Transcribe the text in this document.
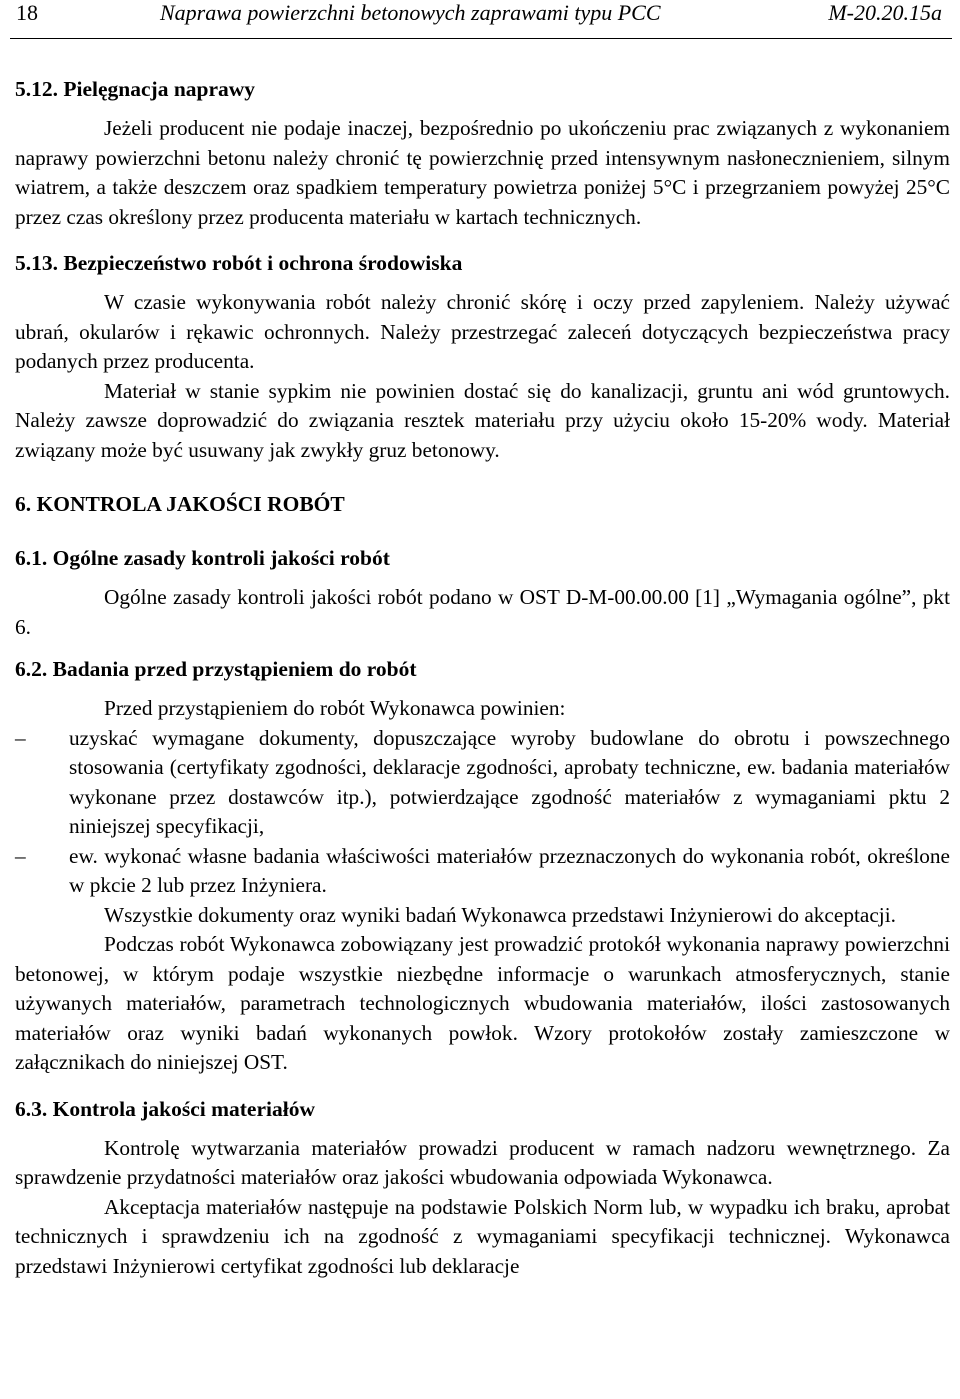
18	Naprawa powierzchni betonowych zaprawami typu PCC	M-20.20.15a
5.12. Pielęgnacja naprawy

Jeżeli producent nie podaje inaczej, bezpośrednio po ukończeniu prac związanych z wykonaniem naprawy powierzchni betonu należy chronić tę powierzchnię przed intensywnym nasłonecznieniem, silnym wiatrem, a także deszczem oraz spadkiem temperatury powietrza poniżej 5°C i przegrzaniem powyżej 25°C przez czas określony przez producenta materiału w kartach technicznych.

5.13. Bezpieczeństwo robót i ochrona środowiska

W czasie wykonywania robót należy chronić skórę i oczy przed zapyleniem. Należy używać ubrań, okularów i rękawic ochronnych. Należy przestrzegać zaleceń dotyczących bezpieczeństwa pracy podanych przez producenta.

Materiał w stanie sypkim nie powinien dostać się do kanalizacji, gruntu ani wód gruntowych. Należy zawsze doprowadzić do związania resztek materiału przy użyciu około 15-20% wody. Materiał związany może być usuwany jak zwykły gruz betonowy.

6. KONTROLA JAKOŚCI ROBÓT
6.1. Ogólne zasady kontroli jakości robót

Ogólne zasady kontroli jakości robót podano w OST D-M-00.00.00 [1] „Wymagania ogólne”, pkt 6.

6.2. Badania przed przystąpieniem do robót

Przed przystąpieniem do robót Wykonawca powinien:

–	uzyskać wymagane dokumenty, dopuszczające wyroby budowlane do obrotu i powszechnego stosowania (certyfikaty zgodności, deklaracje zgodności, aprobaty techniczne, ew. badania materiałów wykonane przez dostawców itp.), potwierdzające zgodność materiałów z wymaganiami pktu 2 niniejszej specyfikacji,
–	ew. wykonać własne badania właściwości materiałów przeznaczonych do wykonania robót, określone w pkcie 2 lub przez Inżyniera.

Wszystkie dokumenty oraz wyniki badań Wykonawca przedstawi Inżynierowi do akceptacji.

Podczas robót Wykonawca zobowiązany jest prowadzić protokół wykonania naprawy powierzchni betonowej, w którym podaje wszystkie niezbędne informacje o warunkach atmosferycznych, stanie używanych materiałów, parametrach technologicznych wbudowania materiałów, ilości zastosowanych materiałów oraz wyniki badań wykonanych powłok. Wzory protokołów zostały zamieszczone w załącznikach do niniejszej OST.

6.3. Kontrola jakości materiałów

Kontrolę wytwarzania materiałów prowadzi producent w ramach nadzoru wewnętrznego. Za sprawdzenie przydatności materiałów oraz jakości wbudowania odpowiada Wykonawca.

Akceptacja materiałów następuje na podstawie Polskich Norm lub, w wypadku ich braku, aprobat technicznych i sprawdzeniu ich na zgodność z wymaganiami specyfikacji technicznej. Wykonawca przedstawi Inżynierowi certyfikat zgodności lub deklaracje
